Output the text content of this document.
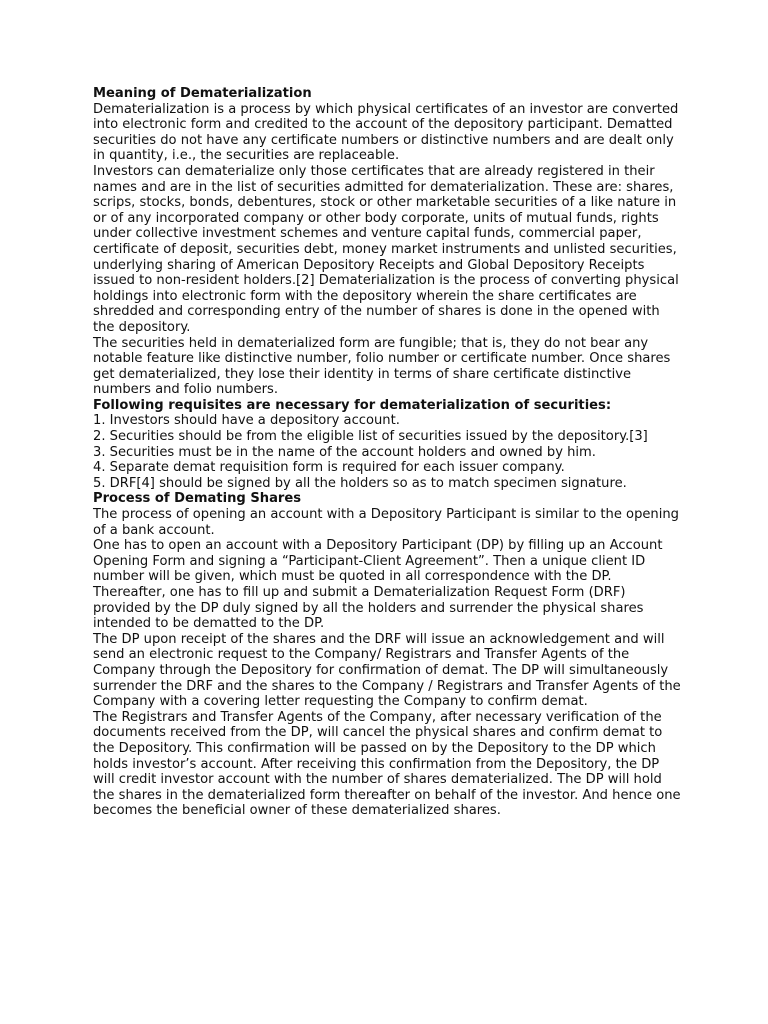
Meaning of Dematerialization

Dematerialization is a process by which physical certificates of an investor are converted into electronic form and credited to the account of the depository participant. Dematted securities do not have any certificate numbers or distinctive numbers and are dealt only in quantity, i.e., the securities are replaceable.

Investors can dematerialize only those certificates that are already registered in their names and are in the list of securities admitted for dematerialization. These are: shares, scrips, stocks, bonds, debentures, stock or other marketable securities of a like nature in or of any incorporated company or other body corporate, units of mutual funds, rights under collective investment schemes and venture capital funds, commercial paper, certificate of deposit, securities debt, money market instruments and unlisted securities, underlying sharing of American Depository Receipts and Global Depository Receipts issued to non-resident holders.[2] Dematerialization is the process of converting physical holdings into electronic form with the depository wherein the share certificates are shredded and corresponding entry of the number of shares is done in the opened with the depository.

The securities held in dematerialized form are fungible; that is, they do not bear any notable feature like distinctive number, folio number or certificate number. Once shares get dematerialized, they lose their identity in terms of share certificate distinctive numbers and folio numbers.

Following requisites are necessary for dematerialization of securities:

1. Investors should have a depository account.

2. Securities should be from the eligible list of securities issued by the depository.[3]

3. Securities must be in the name of the account holders and owned by him.

4. Separate demat requisition form is required for each issuer company.

5. DRF[4] should be signed by all the holders so as to match specimen signature.

Process of Demating Shares

The process of opening an account with a Depository Participant is similar to the opening of a bank account.

One has to open an account with a Depository Participant (DP) by filling up an Account Opening Form and signing a “Participant-Client Agreement”. Then a unique client ID number will be given, which must be quoted in all correspondence with the DP.

Thereafter, one has to fill up and submit a Dematerialization Request Form (DRF) provided by the DP duly signed by all the holders and surrender the physical shares intended to be dematted to the DP.

The DP upon receipt of the shares and the DRF will issue an acknowledgement and will send an electronic request to the Company/ Registrars and Transfer Agents of the Company through the Depository for confirmation of demat. The DP will simultaneously surrender the DRF and the shares to the Company / Registrars and Transfer Agents of the Company with a covering letter requesting the Company to confirm demat.

The Registrars and Transfer Agents of the Company, after necessary verification of the documents received from the DP, will cancel the physical shares and confirm demat to the Depository. This confirmation will be passed on by the Depository to the DP which holds investor’s account. After receiving this confirmation from the Depository, the DP will credit investor account with the number of shares dematerialized. The DP will hold the shares in the dematerialized form thereafter on behalf of the investor. And hence one becomes the beneficial owner of these dematerialized shares.
